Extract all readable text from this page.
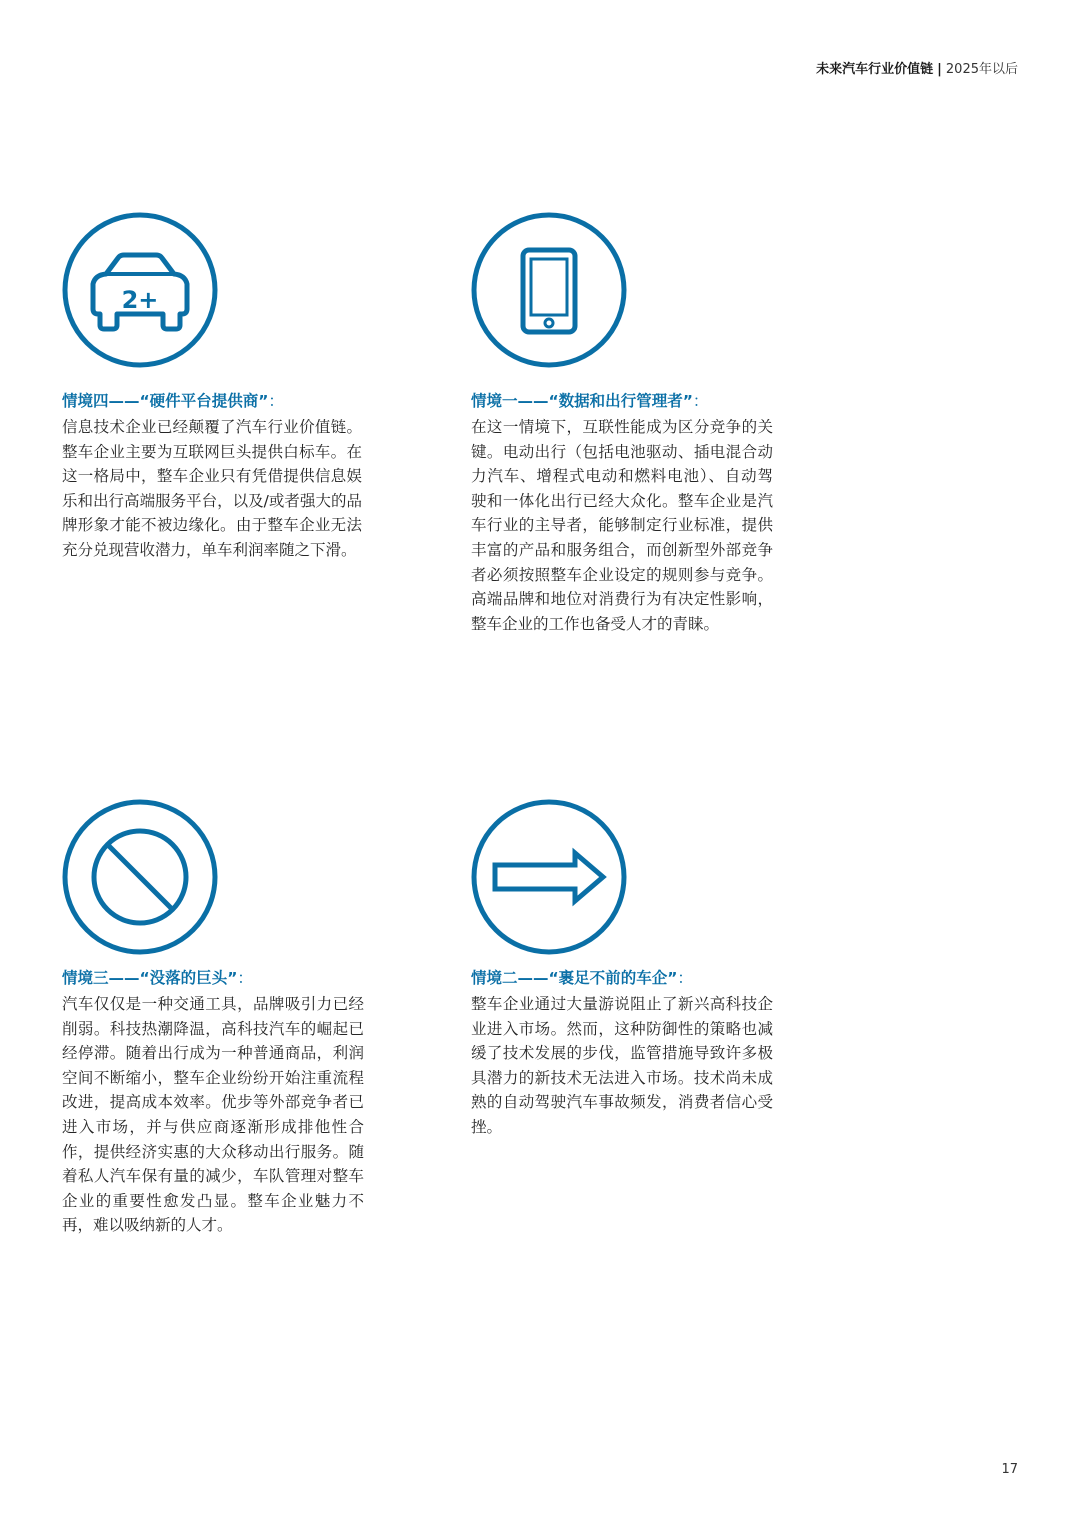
未来汽车行业价值链 | 2025年以后
2+

情境四——“硬件平台提供商”：

信息技术企业已经颠覆了汽车行业价值链。整车企业主要为互联网巨头提供白标车。在这一格局中，整车企业只有凭借提供信息娱乐和出行高端服务平台，以及/或者强大的品牌形象才能不被边缘化。由于整车企业无法充分兑现营收潜力，单车利润率随之下滑。

情境一——“数据和出行管理者”：

在这一情境下，互联性能成为区分竞争的关键。电动出行（包括电池驱动、插电混合动力汽车、增程式电动和燃料电池）、自动驾驶和一体化出行已经大众化。整车企业是汽车行业的主导者，能够制定行业标准，提供丰富的产品和服务组合，而创新型外部竞争者必须按照整车企业设定的规则参与竞争。高端品牌和地位对消费行为有决定性影响，整车企业的工作也备受人才的青睐。

情境三——“没落的巨头”：

汽车仅仅是一种交通工具，品牌吸引力已经削弱。科技热潮降温，高科技汽车的崛起已经停滞。随着出行成为一种普通商品，利润空间不断缩小，整车企业纷纷开始注重流程改进，提高成本效率。优步等外部竞争者已进入市场，并与供应商逐渐形成排他性合作，提供经济实惠的大众移动出行服务。随着私人汽车保有量的减少，车队管理对整车企业的重要性愈发凸显。整车企业魅力不再，难以吸纳新的人才。

情境二——“裹足不前的车企”：

整车企业通过大量游说阻止了新兴高科技企业进入市场。然而，这种防御性的策略也减缓了技术发展的步伐，监管措施导致许多极具潜力的新技术无法进入市场。技术尚未成熟的自动驾驶汽车事故频发，消费者信心受挫。

17
